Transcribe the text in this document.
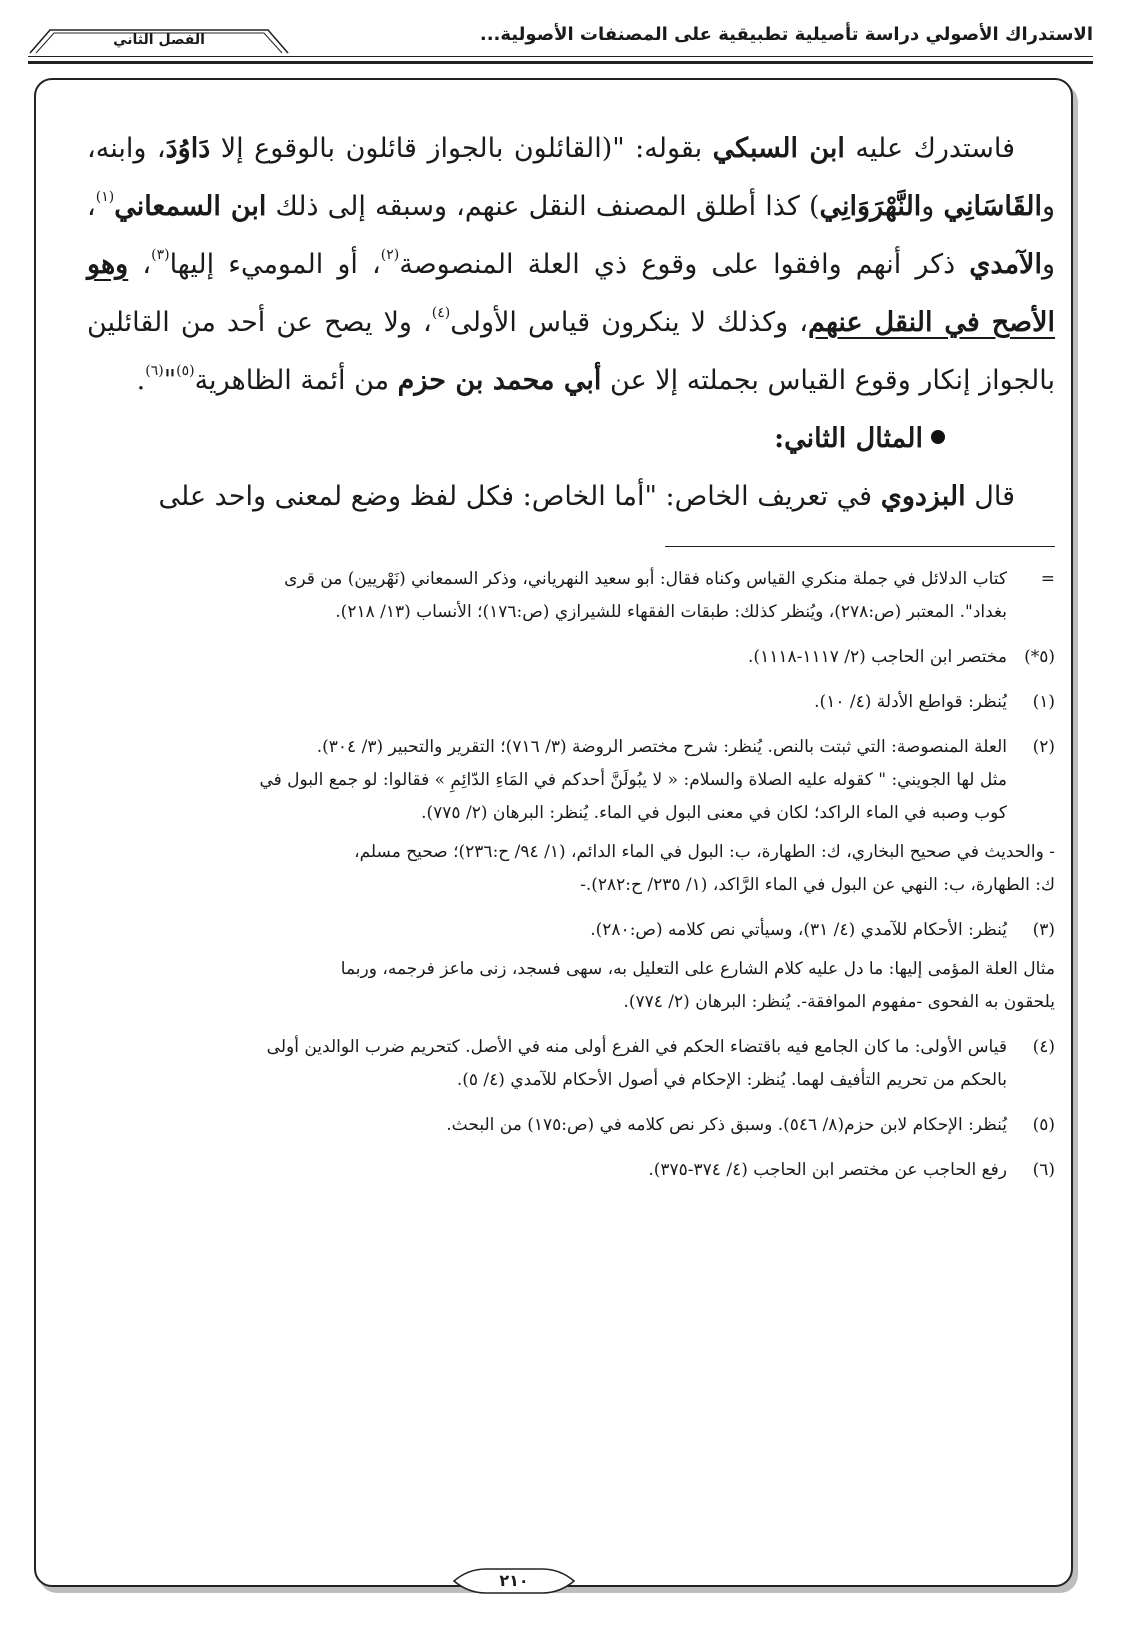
الاستدراك الأصولي دراسة تأصيلية تطبيقية على المصنفات الأصولية...
الفصل الثاني

فاستدرك عليه ابن السبكي بقوله: "(القائلون بالجواز قائلون بالوقوع إلا دَاوُدَ، وابنه، والقَاسَانِي والنَّهْرَوَانِي) كذا أطلق المصنف النقل عنهم، وسبقه إلى ذلك ابن السمعاني$^{(١)}$، والآمدي ذكر أنهم وافقوا على وقوع ذي العلة المنصوصة$^{(٢)}$، أو الموميء إليها$^{(٣)}$، وهو الأصح في النقل عنهم، وكذلك لا ينكرون قياس الأولى$^{(٤)}$، ولا يصح عن أحد من القائلين بالجواز إنكار وقوع القياس بجملته إلا عن أبي محمد بن حزم من أئمة الظاهرية$^{(٥)}$"$^{(٦)}$.

المثال الثاني:

قال البزدوي في تعريف الخاص: "أما الخاص: فكل لفظ وضع لمعنى واحد على

=
كتاب الدلائل في جملة منكري القياس وكناه فقال: أبو سعيد النهرياني، وذكر السمعاني (نَهْريين) من قرى
بغداد". المعتبر (ص:٢٧٨)، ويُنظر كذلك: طبقات الفقهاء للشيرازي (ص:١٧٦)؛ الأنساب (١٣/ ٢١٨).
(٥*)
مختصر ابن الحاجب (٢/ ١١١٧-١١١٨).
(١)
يُنظر: قواطع الأدلة (٤/ ١٠).
(٢)
العلة المنصوصة: التي ثبتت بالنص. يُنظر: شرح مختصر الروضة (٣/ ٧١٦)؛ التقرير والتحبير (٣/ ٣٠٤).
مثل لها الجويني: " كقوله عليه الصلاة والسلام: « لا يبُولَنَّ أحدكم في المَاءِ الدّائِمِ » فقالوا: لو جمع البول في
كوب وصبه في الماء الراكد؛ لكان في معنى البول في الماء. يُنظر: البرهان (٢/ ٧٧٥).
- والحديث في صحيح البخاري، ك: الطهارة، ب: البول في الماء الدائم، (١/ ٩٤/ ح:٢٣٦)؛ صحيح مسلم،
ك: الطهارة، ب: النهي عن البول في الماء الرَّاكد، (١/ ٢٣٥/ ح:٢٨٢).-
(٣)
يُنظر: الأحكام للآمدي (٤/ ٣١)، وسيأتي نص كلامه (ص:٢٨٠).
مثال العلة المؤمى إليها: ما دل عليه كلام الشارع على التعليل به، سهى فسجد، زنى ماعز فرجمه، وربما
يلحقون به الفحوى -مفهوم الموافقة-. يُنظر: البرهان (٢/ ٧٧٤).
(٤)
قياس الأولى: ما كان الجامع فيه باقتضاء الحكم في الفرع أولى منه في الأصل. كتحريم ضرب الوالدين أولى
بالحكم من تحريم التأفيف لهما. يُنظر: الإحكام في أصول الأحكام للآمدي (٤/ ٥).
(٥)
يُنظر: الإحكام لابن حزم(٨/ ٥٤٦). وسبق ذكر نص كلامه في (ص:١٧٥) من البحث.
(٦)
رفع الحاجب عن مختصر ابن الحاجب (٤/ ٣٧٤-٣٧٥).
٢١٠
